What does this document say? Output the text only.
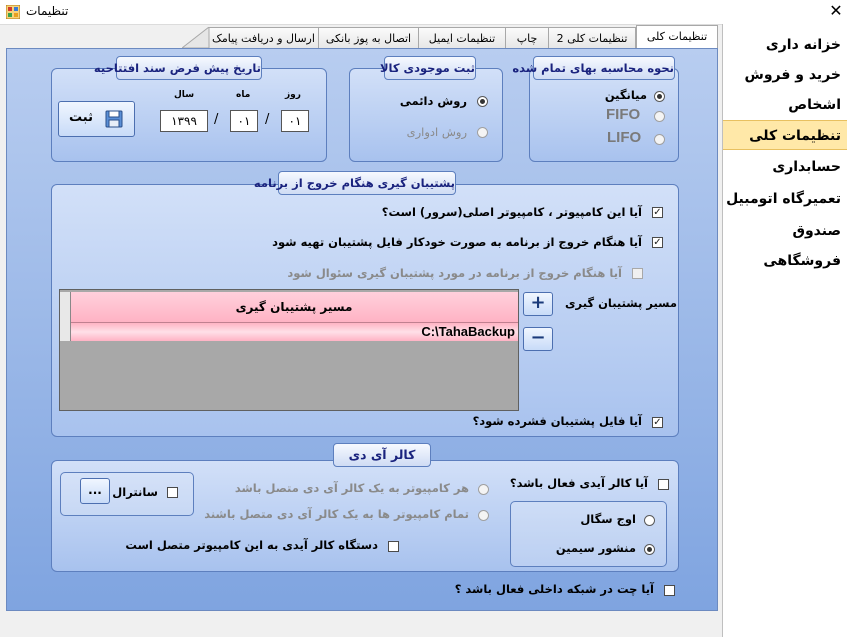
تنظیمات	✕
خزانه داری
خرید و فروش
اشخاص
تنظیمات کلی
حسابداری
تعمیرگاه اتومبیل
صندوق فروشگاهی
تنظیمات کلی
تنظیمات کلی 2
چاپ
تنظیمات ایمیل
اتصال به پوز بانکی
ارسال و دریافت پیامک
نحوه محاسبه بهای تمام شده
میانگین
FIFO
LIFO
ثبت موجودی کالا
روش دائمی
روش ادواری
تاریخ پیش فرض سند افتتاحیه
روز
ماه
سال
۰۱
/
۰۱
/
۱۳۹۹
ثبت
پشتیبان گیری هنگام خروج از برنامه
✓
آیا این کامپیوتر ، کامپیوتر اصلی(سرور) است؟
✓
آیا هنگام خروج از برنامه به صورت خودکار فایل پشتیبان تهیه شود
آیا هنگام خروج از برنامه در مورد پشتیبان گیری سئوال شود
مسیر پشتیبان گیری
مسیر پشتیبان گیری
C:\TahaBackup
+
−
✓
آیا فایل پشتیبان فشرده شود؟
کالر آی دی
آیا کالر آیدی فعال باشد؟
سانترال
...	هر کامپیوتر به یک کالر آی دی متصل باشد
تمام کامپیوتر ها به یک کالر آی دی متصل باشند
دستگاه کالر آیدی به این کامپیوتر متصل است
اوج سگال
منشور سیمین
آیا چت در شبکه داخلی فعال باشد ؟
